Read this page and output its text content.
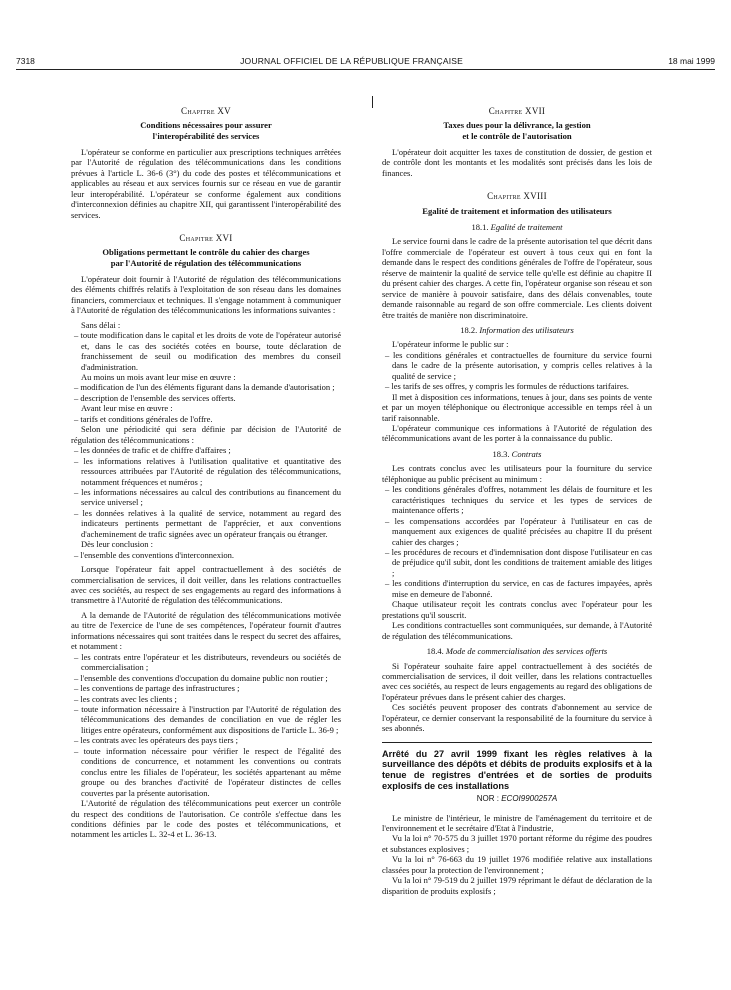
7318	JOURNAL OFFICIEL DE LA RÉPUBLIQUE FRANÇAISE	18 mai 1999
Chapitre XV
Conditions nécessaires pour assurer
l'interopérabilité des services

L'opérateur se conforme en particulier aux prescriptions techniques arrêtées par l'Autorité de régulation des télécommunications dans les conditions prévues à l'article L. 36-6 (3°) du code des postes et télécommunications et applicables au réseau et aux services fournis sur ce réseau en vue de garantir leur interopérabilité. L'opérateur se conforme également aux conditions d'interconnexion définies au chapitre XII, qui garantissent l'interopérabilité des services.

Chapitre XVI
Obligations permettant le contrôle du cahier des charges
par l'Autorité de régulation des télécommunications

L'opérateur doit fournir à l'Autorité de régulation des télécommunications des éléments chiffrés relatifs à l'exploitation de son réseau dans les domaines financiers, commerciaux et techniques. Il s'engage notamment à communiquer à l'Autorité de régulation des télécommunications les informations suivantes :

Sans délai :

– toute modification dans le capital et les droits de vote de l'opérateur autorisé et, dans le cas des sociétés cotées en bourse, toute déclaration de franchissement de seuil ou modification des membres du conseil d'administration.

Au moins un mois avant leur mise en œuvre :

– modification de l'un des éléments figurant dans la demande d'autorisation ;
– description de l'ensemble des services offerts.

Avant leur mise en œuvre :

– tarifs et conditions générales de l'offre.

Selon une périodicité qui sera définie par décision de l'Autorité de régulation des télécommunications :

– les données de trafic et de chiffre d'affaires ;
– les informations relatives à l'utilisation qualitative et quantitative des ressources attribuées par l'Autorité de régulation des télécommunications, notamment fréquences et numéros ;
– les informations nécessaires au calcul des contributions au financement du service universel ;
– les données relatives à la qualité de service, notamment au regard des indicateurs pertinents permettant de l'apprécier, et aux conventions d'acheminement de trafic signées avec un opérateur français ou étranger.

Dès leur conclusion :

– l'ensemble des conventions d'interconnexion.

Lorsque l'opérateur fait appel contractuellement à des sociétés de commercialisation de services, il doit veiller, dans les relations contractuelles avec ces sociétés, au respect de ses engagements au regard des informations à transmettre à l'Autorité de régulation des télécommunications.

A la demande de l'Autorité de régulation des télécommunications motivée au titre de l'exercice de l'une de ses compétences, l'opérateur fournit d'autres informations nécessaires qui sont traitées dans le respect du secret des affaires, et notamment :

– les contrats entre l'opérateur et les distributeurs, revendeurs ou sociétés de commercialisation ;
– l'ensemble des conventions d'occupation du domaine public non routier ;
– les conventions de partage des infrastructures ;
– les contrats avec les clients ;
– toute information nécessaire à l'instruction par l'Autorité de régulation des télécommunications des demandes de conciliation en vue de régler les litiges entre opérateurs, conformément aux dispositions de l'article L. 36-9 ;
– les contrats avec les opérateurs des pays tiers ;
– toute information nécessaire pour vérifier le respect de l'égalité des conditions de concurrence, et notamment les conventions ou contrats conclus entre les filiales de l'opérateur, les sociétés appartenant au même groupe ou des branches d'activité de l'opérateur distinctes de celles couvertes par la présente autorisation.

L'Autorité de régulation des télécommunications peut exercer un contrôle du respect des conditions de l'autorisation. Ce contrôle s'effectue dans les conditions définies par le code des postes et télécommunications, et notamment les articles L. 32-4 et L. 36-13.

Chapitre XVII
Taxes dues pour la délivrance, la gestion
et le contrôle de l'autorisation

L'opérateur doit acquitter les taxes de constitution de dossier, de gestion et de contrôle dont les montants et les modalités sont précisés dans les lois de finances.

Chapitre XVIII
Egalité de traitement et information des utilisateurs
18.1. Egalité de traitement

Le service fourni dans le cadre de la présente autorisation tel que décrit dans l'offre commerciale de l'opérateur est ouvert à tous ceux qui en font la demande dans le respect des conditions générales de l'offre de l'opérateur, sous réserve de maintenir la qualité de service telle qu'elle est définie au chapitre II du présent cahier des charges. A cette fin, l'opérateur organise son réseau et son service de manière à pouvoir satisfaire, dans des délais convenables, toute demande raisonnable au regard de son offre commerciale. Les clients doivent être traités de manière non discriminatoire.

18.2. Information des utilisateurs

L'opérateur informe le public sur :

– les conditions générales et contractuelles de fourniture du service fourni dans le cadre de la présente autorisation, y compris celles relatives à la qualité de service ;
– les tarifs de ses offres, y compris les formules de réductions tarifaires.

Il met à disposition ces informations, tenues à jour, dans ses points de vente et par un moyen téléphonique ou électronique accessible en temps réel à un tarif raisonnable.

L'opérateur communique ces informations à l'Autorité de régulation des télécommunications avant de les porter à la connaissance du public.

18.3. Contrats

Les contrats conclus avec les utilisateurs pour la fourniture du service téléphonique au public précisent au minimum :

– les conditions générales d'offres, notamment les délais de fourniture et les caractéristiques techniques du service et les types de services de maintenance offerts ;
– les compensations accordées par l'opérateur à l'utilisateur en cas de manquement aux exigences de qualité précisées au chapitre II du présent cahier des charges ;
– les procédures de recours et d'indemnisation dont dispose l'utilisateur en cas de préjudice qu'il subit, dont les conditions de traitement amiable des litiges ;
– les conditions d'interruption du service, en cas de factures impayées, après mise en demeure de l'abonné.

Chaque utilisateur reçoit les contrats conclus avec l'opérateur pour les prestations qu'il souscrit.

Les conditions contractuelles sont communiquées, sur demande, à l'Autorité de régulation des télécommunications.

18.4. Mode de commercialisation des services offerts

Si l'opérateur souhaite faire appel contractuellement à des sociétés de commercialisation de services, il doit veiller, dans les relations contractuelles avec ces sociétés, au respect de leurs engagements au regard des obligations de l'opérateur prévues dans le présent cahier des charges.

Ces sociétés peuvent proposer des contrats d'abonnement au service de l'opérateur, ce dernier conservant la responsabilité de la fourniture du service à ses abonnés.

Arrêté du 27 avril 1999 fixant les règles relatives à la surveillance des dépôts et débits de produits explosifs et à la tenue de registres d'entrées et de sorties de produits explosifs de ces installations
NOR : ECOI9900257A

Le ministre de l'intérieur, le ministre de l'aménagement du territoire et de l'environnement et le secrétaire d'Etat à l'industrie,

Vu la loi n° 70-575 du 3 juillet 1970 portant réforme du régime des poudres et substances explosives ;

Vu la loi n° 76-663 du 19 juillet 1976 modifiée relative aux installations classées pour la protection de l'environnement ;

Vu la loi n° 79-519 du 2 juillet 1979 réprimant le défaut de déclaration de la disparition de produits explosifs ;
